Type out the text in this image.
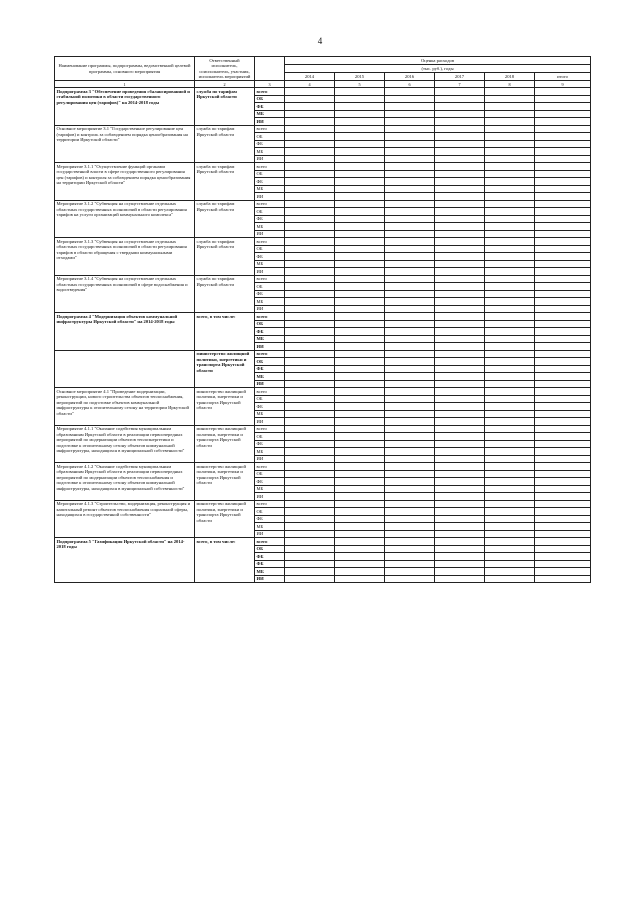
4
Наименование программы, подпрограммы, ведомственной целевой программы, основного мероприятия	Ответственный исполнитель, соисполнитель, участник, исполнитель мероприятий		Оценка расходов					
			(тыс. руб.), годы					
			2014	2015	2016	2017	2018	итого
1	2	3	4	5	6	7	8	9
Подпрограмма 3 "Обеспечение проведения сбалансированной и стабильной политики в области государственного регулирования цен (тарифов)" на 2014-2018 годы	служба по тарифам Иркутской области	всего						
		ОБ						
		ФБ						
		МБ						
		ИИ						
Основное мероприятие 3.1 "Государственное регулирование цен (тарифов) и контроль за соблюдением порядка ценообразования на территории Иркутской области"	служба по тарифам Иркутской области	всего						
		ОБ						
		ФБ						
		МБ						
		ИИ						
Мероприятие 3.1.1 "Осуществление функций органами государственной власти в сфере государственного регулирования цен (тарифов) и контроля за соблюдением порядка ценообразования на территории Иркутской области"	служба по тарифам Иркутской области	всего						
		ОБ						
		ФБ						
		МБ						
		ИИ						
Мероприятие 3.1.2 "Субвенция на осуществление отдельных областных государственных полномочий в области регулирования тарифов на услуги организаций коммунального комплекса"	служба по тарифам Иркутской области	всего						
		ОБ						
		ФБ						
		МБ						
		ИИ						
Мероприятие 3.1.3 "Субвенция на осуществление отдельных областных государственных полномочий в области регулирования тарифов в области обращения с твердыми коммунальными отходами"	служба по тарифам Иркутской области	всего						
		ОБ						
		ФБ						
		МБ						
		ИИ						
Мероприятие 3.1.4 "Субвенция на осуществление отдельных областных государственных полномочий в сфере водоснабжения и водоотведения"	служба по тарифам Иркутской области	всего						
		ОБ						
		ФБ						
		МБ						
		ИИ						
Подпрограмма 4 "Модернизация объектов коммунальной инфраструктуры Иркутской области" на 2014-2018 годы	всего, в том числе:	всего						
		ОБ						
		ФБ						
		МБ						
		ИИ						
	министерство жилищной политики, энергетики и транспорта Иркутской области	всего						
		ОБ						
		ФБ						
		МБ						
		ИИ						
Основное мероприятие 4.1 "Проведение модернизации, реконструкции, нового строительства объектов теплоснабжения, мероприятий по подготовке объектов коммунальной инфраструктуры к отопительному сезону на территории Иркутской области"	министерство жилищной политики, энергетики и транспорта Иркутской области	всего						
		ОБ						
		ФБ						
		МБ						
		ИИ						
Мероприятие 4.1.1 "Оказание содействия муниципальным образованиям Иркутской области в реализации первоочередных мероприятий по модернизации объектов теплоэнергетики и подготовке к отопительному сезону объектов коммунальной инфраструктуры, находящихся в муниципальной собственности"	министерство жилищной политики, энергетики и транспорта Иркутской области	всего						
		ОБ						
		ФБ						
		МБ						
		ИИ						
Мероприятие 4.1.2 "Оказание содействия муниципальным образованиям Иркутской области в реализации первоочередных мероприятий по модернизации объектов теплоснабжения и подготовке к отопительному сезону объектов коммунальной инфраструктуры, находящихся в муниципальной собственности"	министерство жилищной политики, энергетики и транспорта Иркутской области	всего						
		ОБ						
		ФБ						
		МБ						
		ИИ						
Мероприятие 4.1.3 "Строительство, модернизация, реконструкция и капитальный ремонт объектов теплоснабжения социальной сферы, находящихся в государственной собственности"	министерство жилищной политики, энергетики и транспорта Иркутской области	всего						
		ОБ						
		ФБ						
		МБ						
		ИИ						
Подпрограмма 5 "Газификация Иркутской области" на 2014-2018 годы	всего, в том числе:	всего						
		ОБ						
		ФБ						
		ФБ						
		МБ						
		ИИ						
